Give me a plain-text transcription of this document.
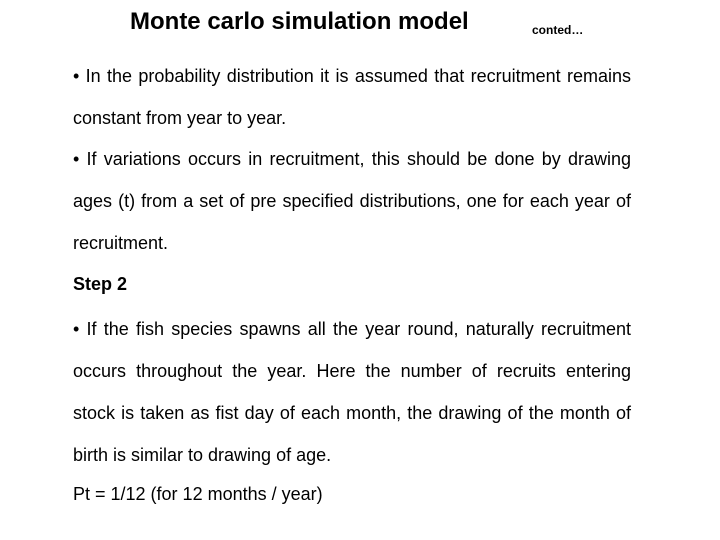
Monte carlo simulation model	conted…
• In the probability distribution it is assumed that recruitment remains constant from year to year.
• If variations occurs in recruitment, this should be done by drawing ages (t) from a set of pre specified distributions, one for each year of recruitment.
Step 2
• If the fish species spawns all the year round, naturally recruitment occurs throughout the year. Here the number of recruits entering stock is taken as fist day of each month, the drawing of the month of birth is similar to drawing of age.
Pt = 1/12 (for 12 months / year)
